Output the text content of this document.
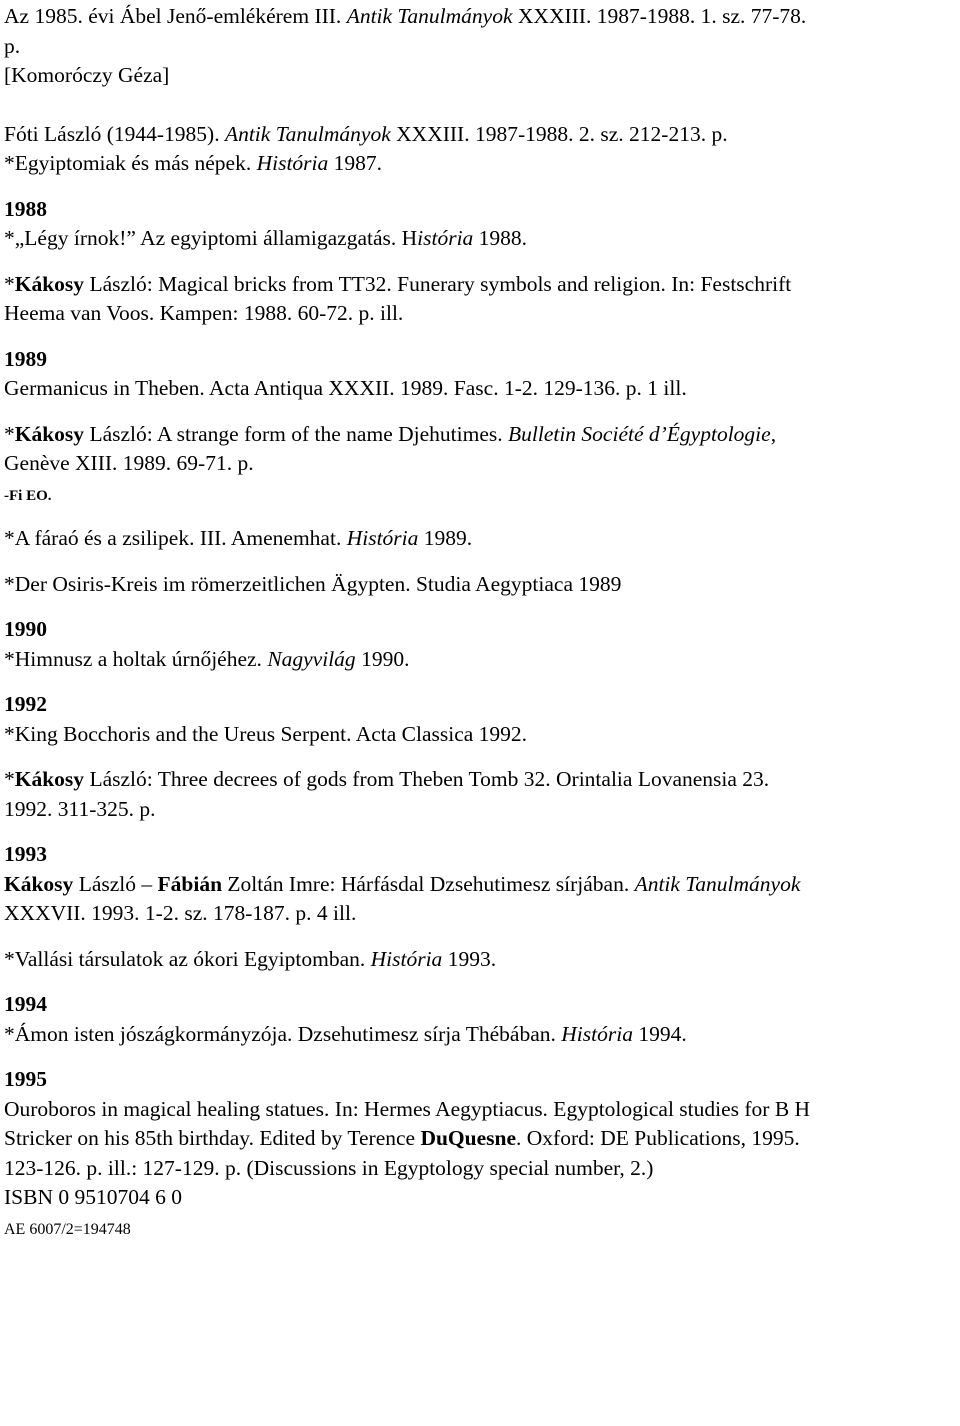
Az 1985. évi Ábel Jenő-emlékérem III. Antik Tanulmányok XXXIII. 1987-1988. 1. sz. 77-78.
p.
[Komoróczy Géza]
Fóti László (1944-1985). Antik Tanulmányok XXXIII. 1987-1988. 2. sz. 212-213. p.
*Egyiptomiak és más népek. História 1987.
1988
*„Légy írnok!” Az egyiptomi államigazgatás. História 1988.
*Kákosy László: Magical bricks from TT32. Funerary symbols and religion. In: Festschrift
Heema van Voos. Kampen: 1988. 60-72. p. ill.
1989
Germanicus in Theben. Acta Antiqua XXXII. 1989. Fasc. 1-2. 129-136. p. 1 ill.
*Kákosy László: A strange form of the name Djehutimes. Bulletin Société d’Égyptologie,
Genève XIII. 1989. 69-71. p.
-Fi EO.
*A fáraó és a zsilipek. III. Amenemhat. História 1989.
*Der Osiris-Kreis im römerzeitlichen Ägypten. Studia Aegyptiaca 1989
1990
*Himnusz a holtak úrnőjéhez. Nagyvilág 1990.
1992
*King Bocchoris and the Ureus Serpent. Acta Classica 1992.
*Kákosy László: Three decrees of gods from Theben Tomb 32. Orintalia Lovanensia 23.
1992. 311-325. p.
1993
Kákosy László – Fábián Zoltán Imre: Hárfásdal Dzsehutimesz sírjában. Antik Tanulmányok
XXXVII. 1993. 1-2. sz. 178-187. p. 4 ill.
*Vallási társulatok az ókori Egyiptomban. História 1993.
1994
*Ámon isten jószágkormányzója. Dzsehutimesz sírja Thébában. História 1994.
1995
Ouroboros in magical healing statues. In: Hermes Aegyptiacus. Egyptological studies for B H
Stricker on his 85th birthday. Edited by Terence DuQuesne. Oxford: DE Publications, 1995.
123-126. p. ill.: 127-129. p. (Discussions in Egyptology special number, 2.)
ISBN 0 9510704 6 0
AE 6007/2=194748
